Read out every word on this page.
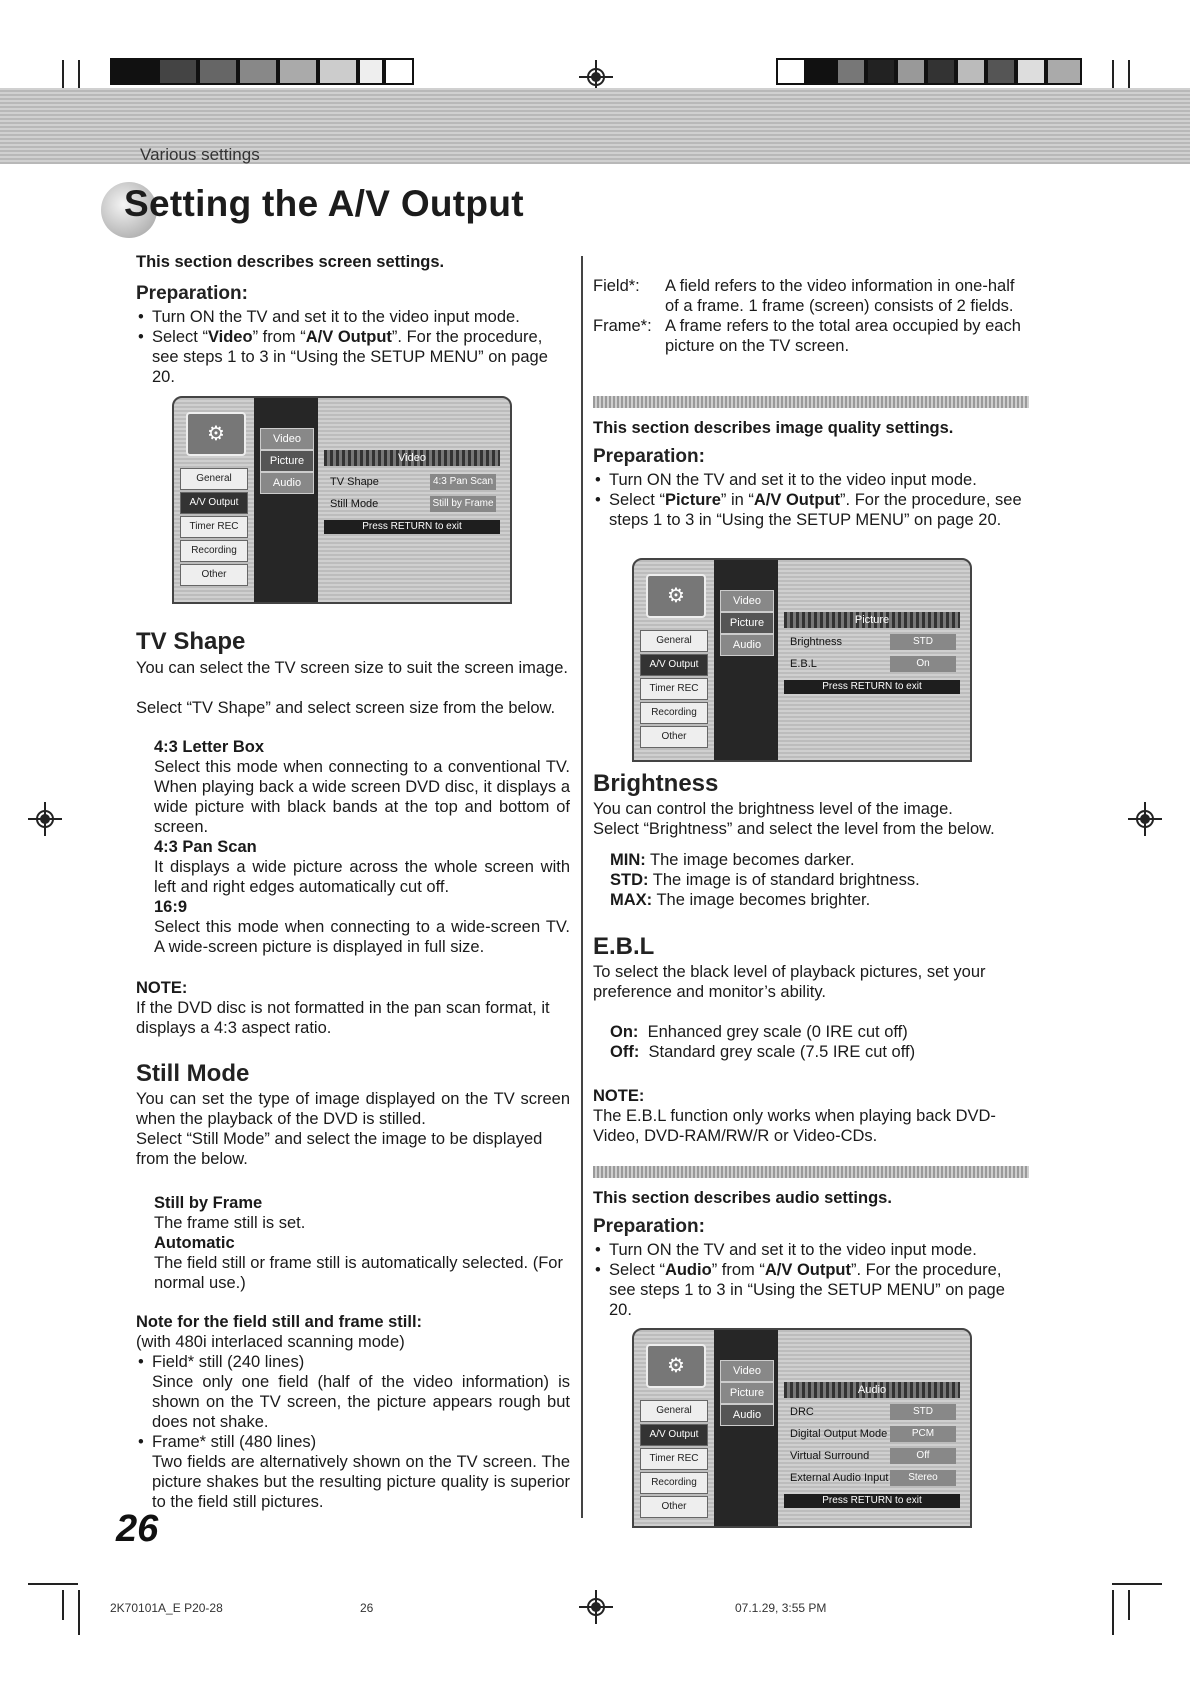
Various settings
Setting the A/V Output
This section describes screen settings.
Preparation:
• Turn ON the TV and set it to the video input mode.
• Select “Video” from “A/V Output”. For the procedure, see steps 1 to 3 in “Using the SETUP MENU” on page 20.
⚙	Video
Picture
Audio
General
A/V Output
Timer REC
Recording
Other
Video
TV Shape	4:3 Pan Scan
Still Mode	Still by Frame
Press RETURN to exit
TV Shape
You can select the TV screen size to suit the screen image.
Select “TV Shape” and select screen size from the below.
4:3 Letter Box
Select this mode when connecting to a conventional TV. When playing back a wide screen DVD disc, it displays a wide picture with black bands at the top and bottom of screen.
4:3 Pan Scan
It displays a wide picture across the whole screen with left and right edges automatically cut off.
16:9
Select this mode when connecting to a wide-screen TV. A wide-screen picture is displayed in full size.
NOTE:
If the DVD disc is not formatted in the pan scan format, it displays a 4:3 aspect ratio.
Still Mode
You can set the type of image displayed on the TV screen when the playback of the DVD is stilled.
Select “Still Mode” and select the image to be displayed from the below.
Still by Frame
The frame still is set.
Automatic
The field still or frame still is automatically selected. (For normal use.)
Note for the field still and frame still:
(with 480i interlaced scanning mode)
• Field* still (240 lines)
Since only one field (half of the video information) is shown on the TV screen, the picture appears rough but does not shake.
• Frame* still (480 lines)
Two fields are alternatively shown on the TV screen. The picture shakes but the resulting picture quality is superior to the field still pictures.
26
Field*:	A field refers to the video information in one-half of a frame. 1 frame (screen) consists of 2 fields.
Frame*: A frame refers to the total area occupied by each picture on the TV screen.
This section describes image quality settings.
Preparation:
• Turn ON the TV and set it to the video input mode.
• Select “Picture” in “A/V Output”. For the procedure, see steps 1 to 3 in “Using the SETUP MENU” on page 20.
⚙	Video
Picture
Audio
General
A/V Output
Timer REC
Recording
Other
Picture
Brightness	STD
E.B.L	On
Press RETURN to exit
Brightness
You can control the brightness level of the image.
Select “Brightness” and select the level from the below.
MIN: The image becomes darker.
STD: The image is of standard brightness.
MAX: The image becomes brighter.
E.B.L
To select the black level of playback pictures, set your preference and monitor’s ability.
On: Enhanced grey scale (0 IRE cut off)
Off: Standard grey scale (7.5 IRE cut off)
NOTE:
The E.B.L function only works when playing back DVD-Video, DVD-RAM/RW/R or Video-CDs.
This section describes audio settings.
Preparation:
• Turn ON the TV and set it to the video input mode.
• Select “Audio” from “A/V Output”. For the procedure, see steps 1 to 3 in “Using the SETUP MENU” on page 20.
⚙	Video
Picture
Audio
General
A/V Output
Timer REC
Recording
Other
Audio
DRC	STD
Digital Output Mode	PCM
Virtual Surround	Off
External Audio Input	Stereo
Press RETURN to exit
2K70101A_E P20-28	26	07.1.29, 3:55 PM
